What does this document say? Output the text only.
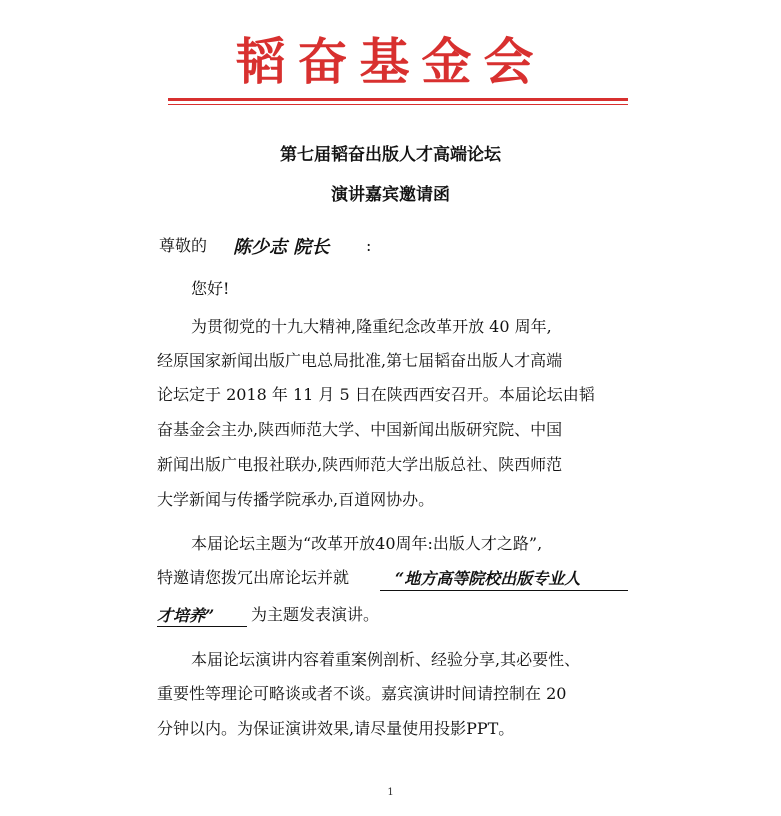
韬奋基金会
第七届韬奋出版人才高端论坛
演讲嘉宾邀请函
尊敬的 陈少志 院长 :
您好!
为贯彻党的十九大精神,隆重纪念改革开放 40 周年,
经原国家新闻出版广电总局批准,第七届韬奋出版人才高端
论坛定于 2018 年 11 月 5 日在陕西西安召开。本届论坛由韬
奋基金会主办,陕西师范大学、中国新闻出版研究院、中国
新闻出版广电报社联办,陕西师范大学出版总社、陕西师范
大学新闻与传播学院承办,百道网协办。
本届论坛主题为“改革开放40周年:出版人才之路”,
特邀请您拨冗出席论坛并就	“地方高等院校出版专业人
才培养” 为主题发表演讲。
本届论坛演讲内容着重案例剖析、经验分享,其必要性、
重要性等理论可略谈或者不谈。嘉宾演讲时间请控制在 20
分钟以内。为保证演讲效果,请尽量使用投影PPT。
1
